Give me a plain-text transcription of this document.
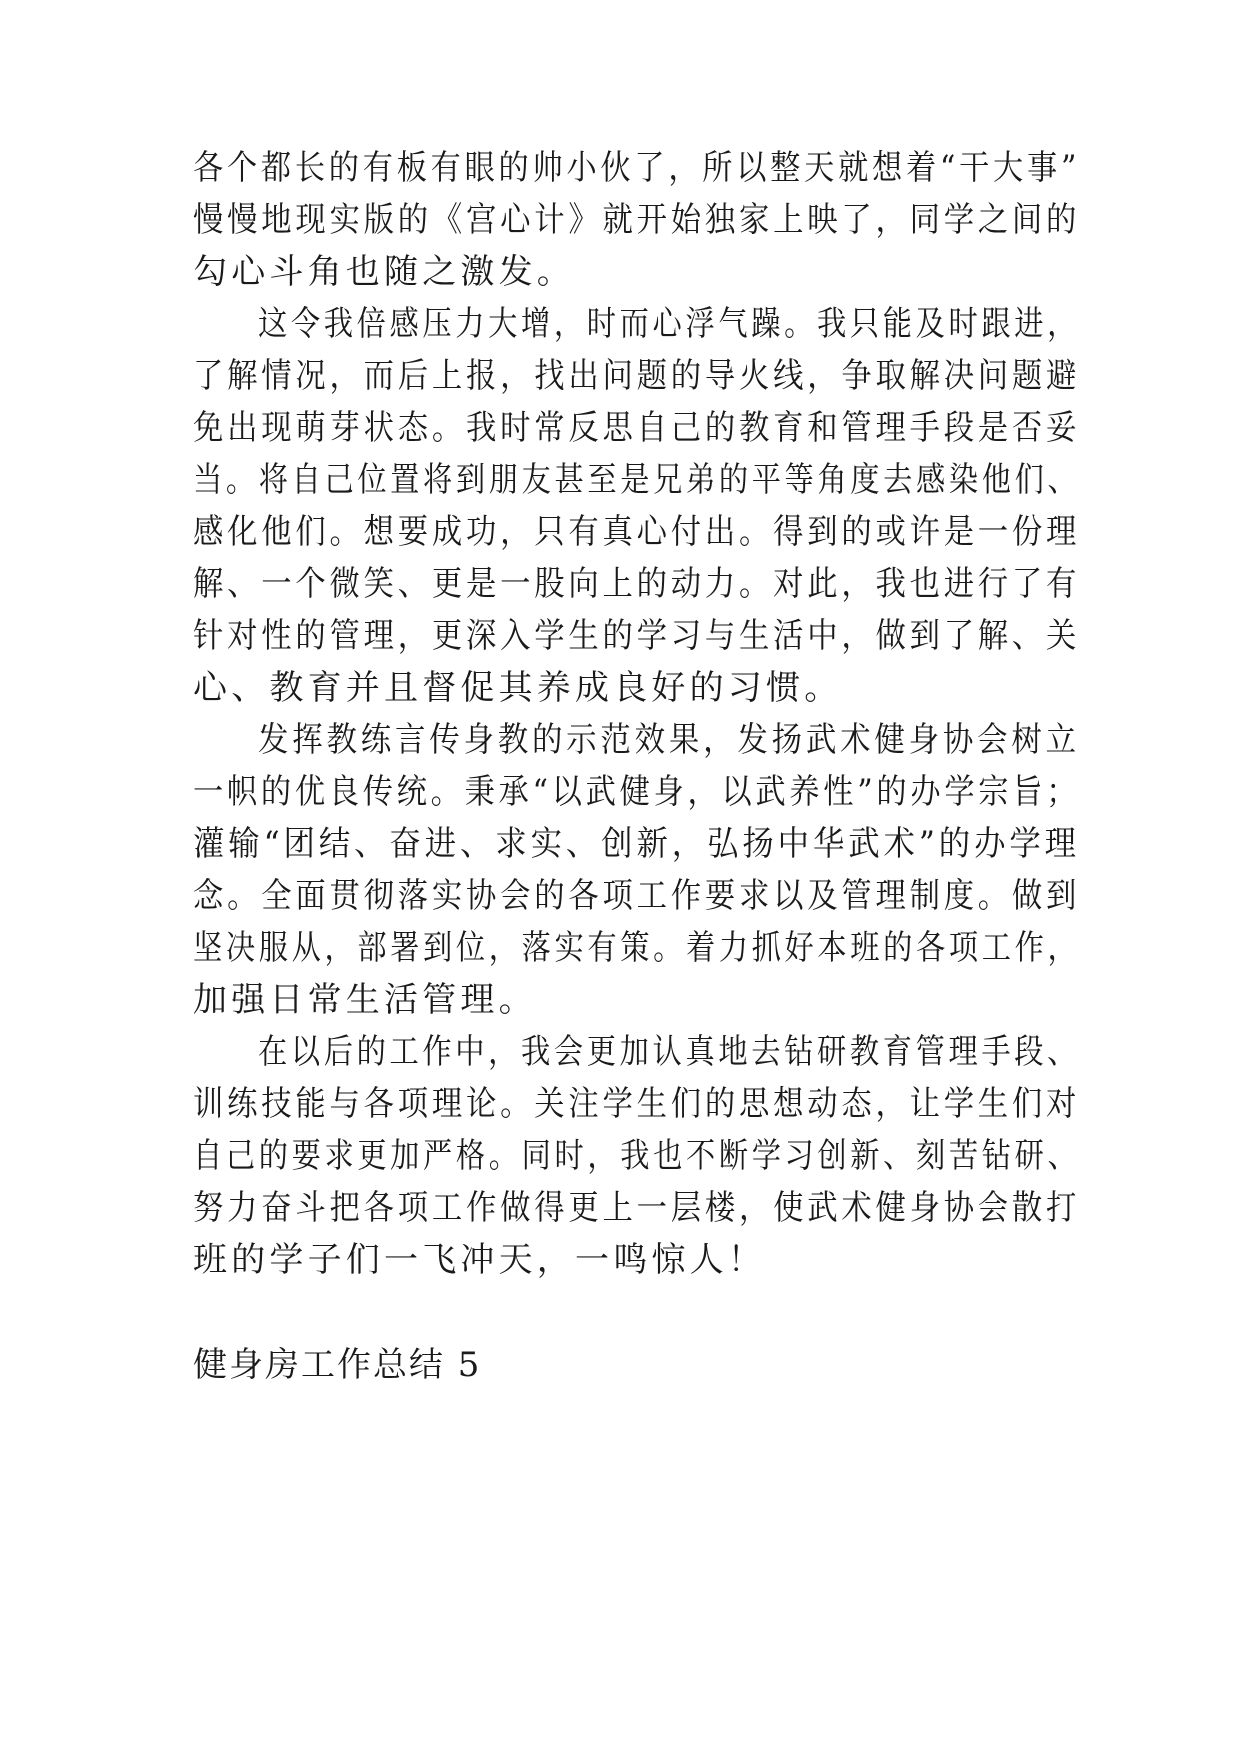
各个都长的有板有眼的帅小伙了，所以整天就想着“干大事”
慢慢地现实版的《宫心计》就开始独家上映了，同学之间的
勾心斗角也随之激发。
这令我倍感压力大增，时而心浮气躁。我只能及时跟进，
了解情况，而后上报，找出问题的导火线，争取解决问题避
免出现萌芽状态。我时常反思自己的教育和管理手段是否妥
当。将自己位置将到朋友甚至是兄弟的平等角度去感染他们、
感化他们。想要成功，只有真心付出。得到的或许是一份理
解、一个微笑、更是一股向上的动力。对此，我也进行了有
针对性的管理，更深入学生的学习与生活中，做到了解、关
心、教育并且督促其养成良好的习惯。
发挥教练言传身教的示范效果，发扬武术健身协会树立
一帜的优良传统。秉承“以武健身，以武养性”的办学宗旨；
灌输“团结、奋进、求实、创新，弘扬中华武术”的办学理
念。全面贯彻落实协会的各项工作要求以及管理制度。做到
坚决服从，部署到位，落实有策。着力抓好本班的各项工作，
加强日常生活管理。
在以后的工作中，我会更加认真地去钻研教育管理手段、
训练技能与各项理论。关注学生们的思想动态，让学生们对
自己的要求更加严格。同时，我也不断学习创新、刻苦钻研、
努力奋斗把各项工作做得更上一层楼，使武术健身协会散打
班的学子们一飞冲天，一鸣惊人！
健身房工作总结 5
